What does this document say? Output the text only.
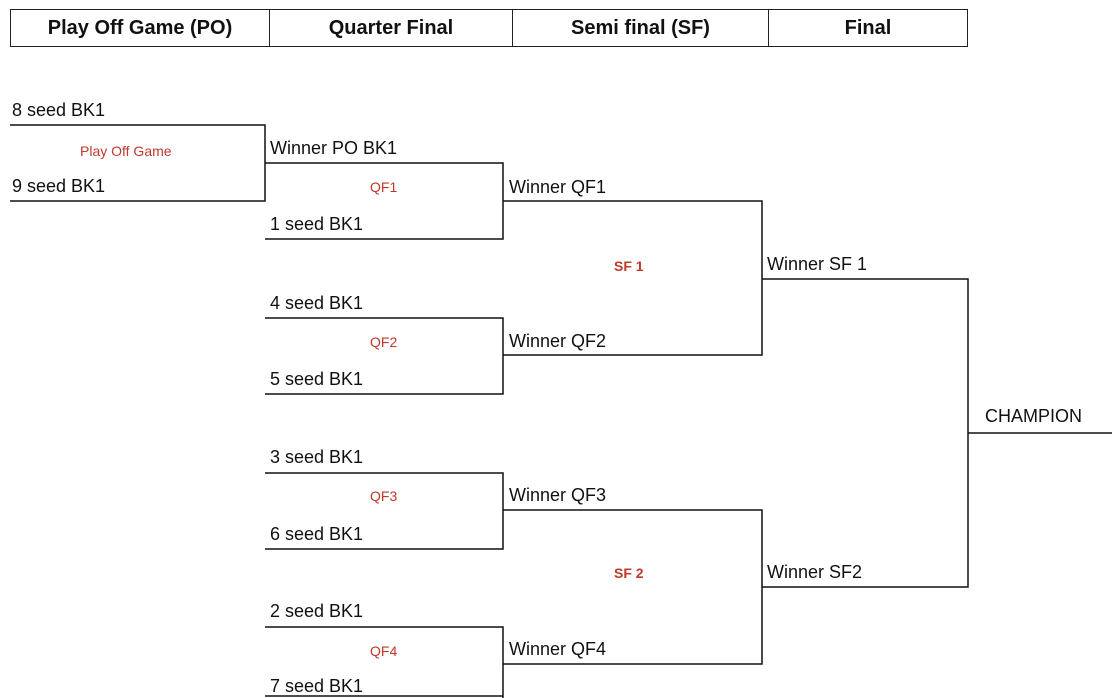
Play Off Game (PO)	Quarter Final	Semi final (SF)	Final
8 seed BK1
Play Off Game
9 seed BK1
Winner PO BK1
QF1
1 seed BK1
4 seed BK1
QF2
5 seed BK1
3 seed BK1
QF3
6 seed BK1
2 seed BK1
QF4
7 seed BK1
Winner QF1
SF 1
Winner QF2
Winner QF3
SF 2
Winner QF4
Winner SF 1
Winner SF2
CHAMPION
